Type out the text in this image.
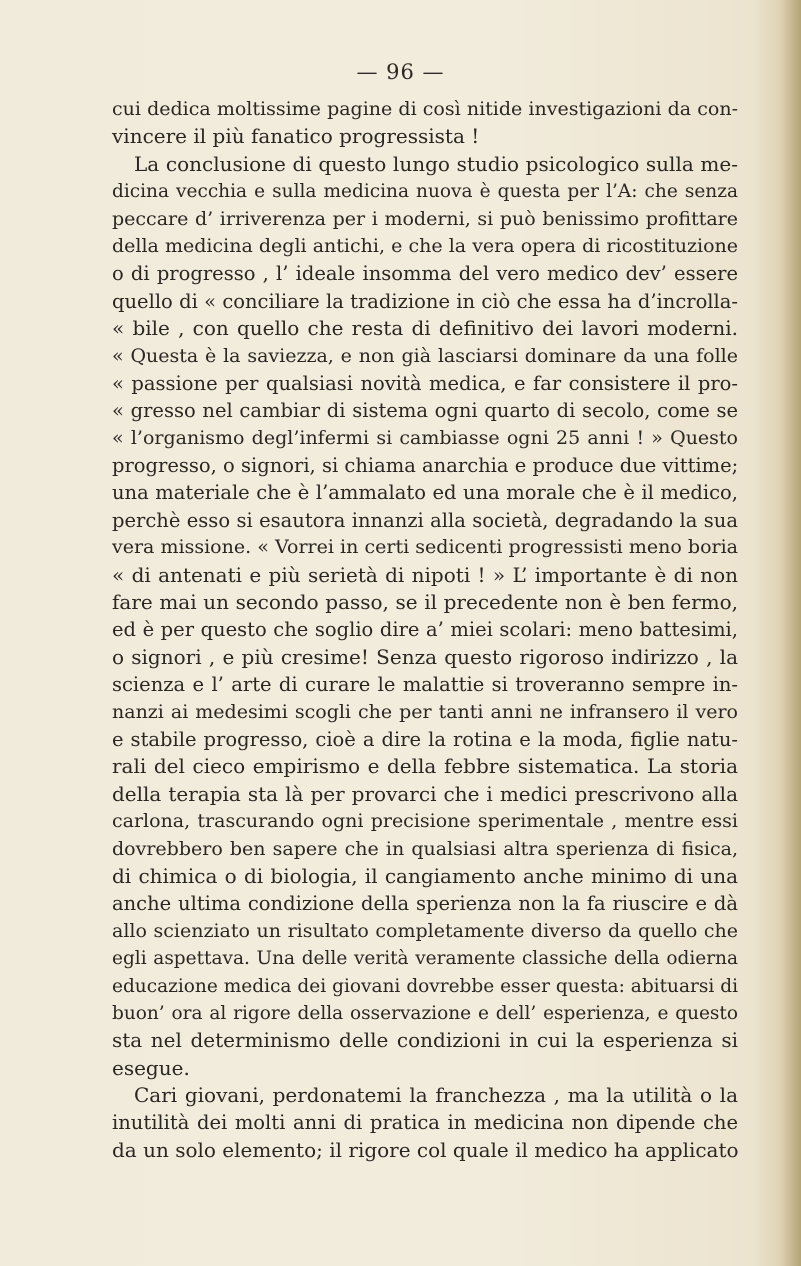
— 96 —
cui dedica moltissime pagine di così nitide investigazioni da con-
vincere il più fanatico progressista !
La conclusione di questo lungo studio psicologico sulla me-
dicina vecchia e sulla medicina nuova è questa per l’A: che senza
peccare d’ irriverenza per i moderni, si può benissimo profittare
della medicina degli antichi, e che la vera opera di ricostituzione
o di progresso , l’ ideale insomma del vero medico dev’ essere
quello di « conciliare la tradizione in ciò che essa ha d’incrolla-
« bile , con quello che resta di definitivo dei lavori moderni.
« Questa è la saviezza, e non già lasciarsi dominare da una folle
« passione per qualsiasi novità medica, e far consistere il pro-
« gresso nel cambiar di sistema ogni quarto di secolo, come se
« l’organismo degl’infermi si cambiasse ogni 25 anni ! » Questo
progresso, o signori, si chiama anarchia e produce due vittime;
una materiale che è l’ammalato ed una morale che è il medico,
perchè esso si esautora innanzi alla società, degradando la sua
vera missione. « Vorrei in certi sedicenti progressisti meno boria
« di antenati e più serietà di nipoti ! » L’ importante è di non
fare mai un secondo passo, se il precedente non è ben fermo,
ed è per questo che soglio dire a’ miei scolari: meno battesimi,
o signori , e più cresime! Senza questo rigoroso indirizzo , la
scienza e l’ arte di curare le malattie si troveranno sempre in-
nanzi ai medesimi scogli che per tanti anni ne infransero il vero
e stabile progresso, cioè a dire la rotina e la moda, figlie natu-
rali del cieco empirismo e della febbre sistematica. La storia
della terapia sta là per provarci che i medici prescrivono alla
carlona, trascurando ogni precisione sperimentale , mentre essi
dovrebbero ben sapere che in qualsiasi altra sperienza di fisica,
di chimica o di biologia, il cangiamento anche minimo di una
anche ultima condizione della sperienza non la fa riuscire e dà
allo scienziato un risultato completamente diverso da quello che
egli aspettava. Una delle verità veramente classiche della odierna
educazione medica dei giovani dovrebbe esser questa: abituarsi di
buon’ ora al rigore della osservazione e dell’ esperienza, e questo
sta nel determinismo delle condizioni in cui la esperienza si
esegue.
Cari giovani, perdonatemi la franchezza , ma la utilità o la
inutilità dei molti anni di pratica in medicina non dipende che
da un solo elemento; il rigore col quale il medico ha applicato
